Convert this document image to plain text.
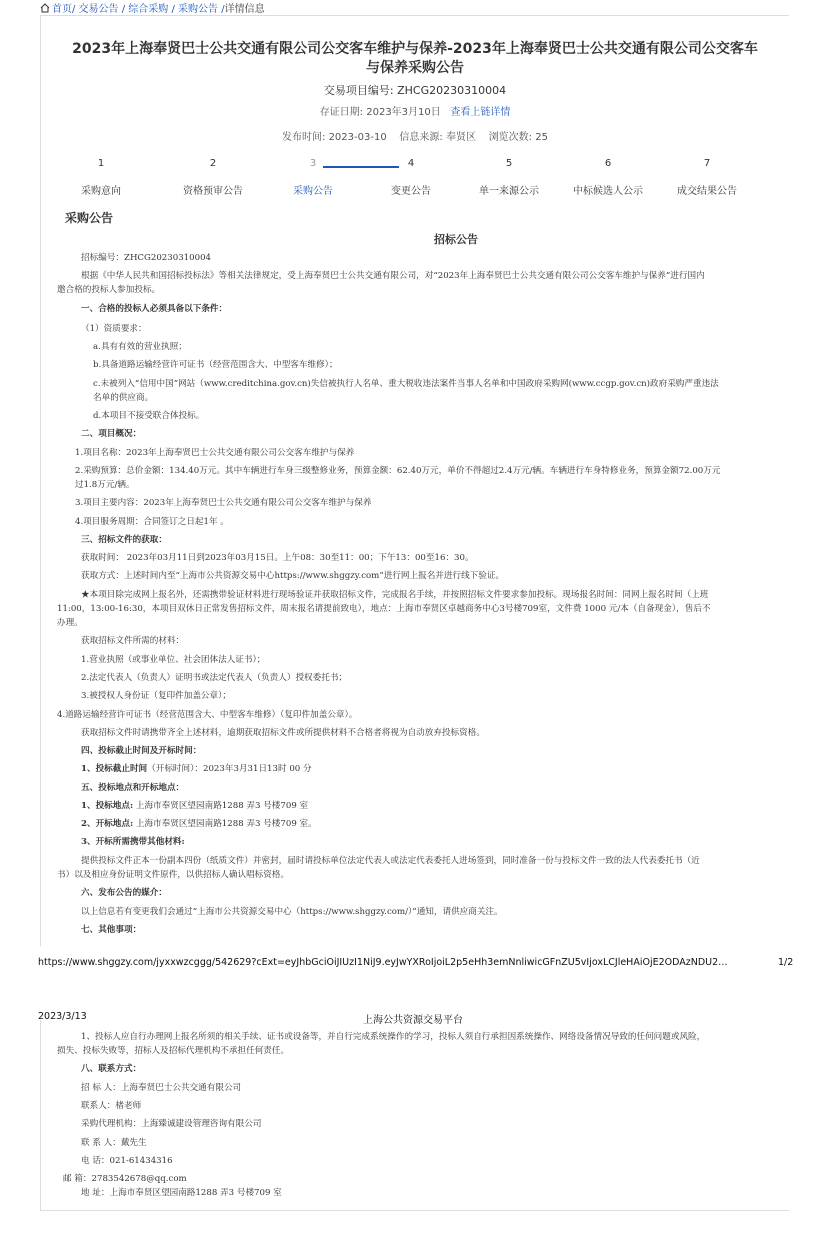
首页/ 交易公告 / 综合采购 / 采购公告 /详情信息
2023年上海奉贤巴士公共交通有限公司公交客车维护与保养-2023年上海奉贤巴士公共交通有限公司公交客车
与保养采购公告
交易项目编号: ZHCG20230310004
存证日期: 2023年3月10日 查看上链详情
发布时间: 2023-03-10 信息来源: 奉贤区 浏览次数: 25
1
采购意向
2
资格预审公告
3
采购公告
4
变更公告
5
单一来源公示
6
中标候选人公示
7
成交结果公告
采购公告
招标公告
招标编号：ZHCG20230310004
根据《中华人民共和国招标投标法》等相关法律规定，受上海奉贤巴士公共交通有限公司，对“2023年上海奉贤巴士公共交通有限公司公交客车维护与保养”进行国内
邀合格的投标人参加投标。
一、合格的投标人必须具备以下条件：
（1）资质要求：
a.具有有效的营业执照；
b.具备道路运输经营许可证书（经营范围含大、中型客车维修）；
c.未被列入“信用中国”网站（www.creditchina.gov.cn)失信被执行人名单、重大税收违法案件当事人名单和中国政府采购网(www.ccgp.gov.cn)政府采购严重违法
名单的供应商。
d.本项目不接受联合体投标。
二、项目概况：
1.项目名称：2023年上海奉贤巴士公共交通有限公司公交客车维护与保养
2.采购预算：总价金额：134.40万元。其中车辆进行车身三级整修业务，预算金额：62.40万元，单价不得超过2.4万元/辆。车辆进行车身特修业务，预算金额72.00万元
过1.8万元/辆。
3.项目主要内容：2023年上海奉贤巴士公共交通有限公司公交客车维护与保养
4.项目服务周期：合同签订之日起1年 。
三、招标文件的获取：
获取时间： 2023年03月11日到2023年03月15日。上午08：30至11：00；下午13：00至16：30。
获取方式：上述时间内至“上海市公共资源交易中心https://www.shggzy.com”进行网上报名并进行线下验证。
★本项目除完成网上报名外，还需携带验证材料进行现场验证并获取招标文件，完成报名手续，并按照招标文件要求参加投标。现场报名时间：同网上报名时间（上班
11:00，13:00-16:30，本项目双休日正常发售招标文件，周末报名请提前致电），地点：上海市奉贤区卓越商务中心3号楼709室，文件费 1000 元/本（自备现金），售后不
办理。
获取招标文件所需的材料：
1.营业执照（或事业单位、社会团体法人证书）；
2.法定代表人（负责人）证明书或法定代表人（负责人）授权委托书；
3.被授权人身份证（复印件加盖公章）；
4.道路运输经营许可证书（经营范围含大、中型客车维修）（复印件加盖公章）。
获取招标文件时请携带齐全上述材料，逾期获取招标文件或所提供材料不合格者将视为自动放弃投标资格。
四、投标截止时间及开标时间：
1、投标截止时间（开标时间）：2023年3月31日13时 00 分
五、投标地点和开标地点：
1、投标地点: 上海市奉贤区望园南路1288 弄3 号楼709 室
2、开标地点: 上海市奉贤区望园南路1288 弄3 号楼709 室。
3、开标所需携带其他材料:
提供投标文件正本一份副本四份（纸质文件）并密封，届时请投标单位法定代表人或法定代表委托人进场签到，同时准备一份与投标文件一致的法人代表委托书（近
书）以及相应身份证明文件原件，以供招标人确认唱标资格。
六、发布公告的媒介：
以上信息若有变更我们会通过“上海市公共资源交易中心（https://www.shggzy.com/）”通知，请供应商关注。
七、其他事项：
https://www.shggzy.com/jyxxwzcggg/542629?cExt=eyJhbGciOiJIUzI1NiJ9.eyJwYXRoIjoiL2p5eHh3emNnliwicGFnZU5vIjoxLCJleHAiOjE2ODAzNDU2…	1/2
2023/3/13	上海公共资源交易平台
1、投标人应自行办理网上报名所须的相关手续、证书或设备等，并自行完成系统操作的学习，投标人须自行承担因系统操作、网络设备情况导致的任何问题或风险，
损失、投标失败等，招标人及招标代理机构不承担任何责任。
八、联系方式：
招 标 人：上海奉贤巴士公共交通有限公司
联系人：楮老师
采购代理机构：上海臻诚建设管理咨询有限公司
联 系 人：戴先生
电 话：021-61434316
邮 箱：2783542678@qq.com
地 址：上海市奉贤区望园南路1288 弄3 号楼709 室
